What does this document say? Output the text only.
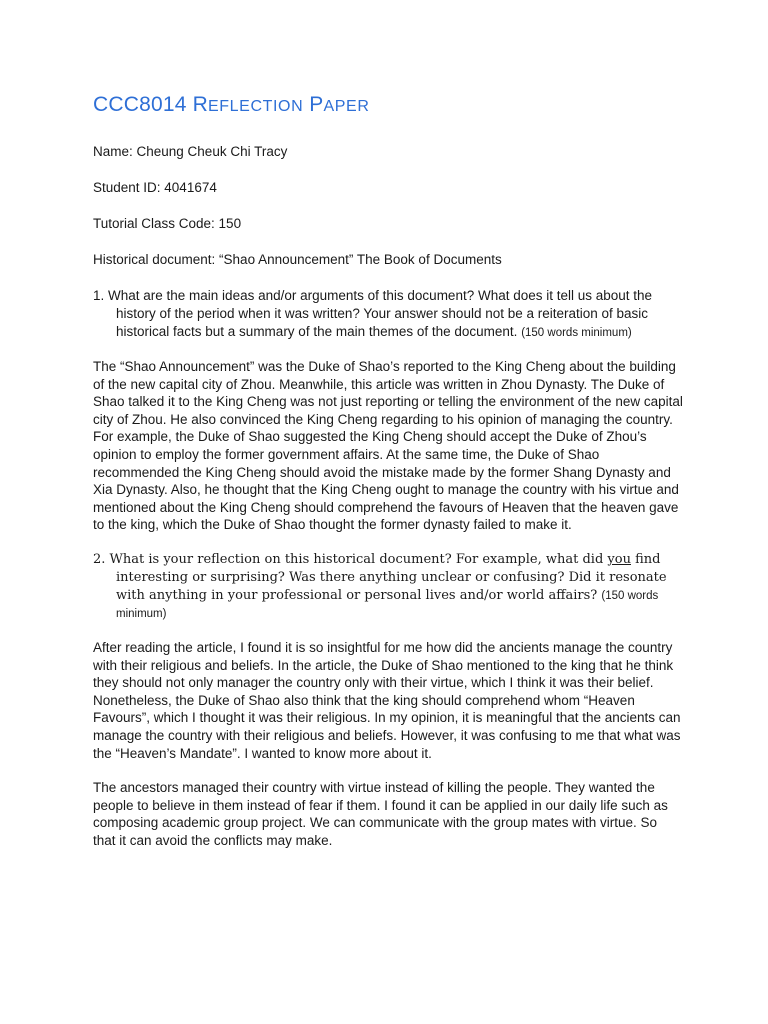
CCC8014 REFLECTION PAPER

Name: Cheung Cheuk Chi Tracy

Student ID: 4041674

Tutorial Class Code: 150

Historical document: “Shao Announcement” The Book of Documents

1. What are the main ideas and/or arguments of this document? What does it tell us about the history of the period when it was written? Your answer should not be a reiteration of basic historical facts but a summary of the main themes of the document. (150 words minimum)

The “Shao Announcement” was the Duke of Shao’s reported to the King Cheng about the building of the new capital city of Zhou. Meanwhile, this article was written in Zhou Dynasty. The Duke of Shao talked it to the King Cheng was not just reporting or telling the environment of the new capital city of Zhou. He also convinced the King Cheng regarding to his opinion of managing the country. For example, the Duke of Shao suggested the King Cheng should accept the Duke of Zhou’s opinion to employ the former government affairs. At the same time, the Duke of Shao recommended the King Cheng should avoid the mistake made by the former Shang Dynasty and Xia Dynasty. Also, he thought that the King Cheng ought to manage the country with his virtue and mentioned about the King Cheng should comprehend the favours of Heaven that the heaven gave to the king, which the Duke of Shao thought the former dynasty failed to make it.

2. What is your reflection on this historical document? For example, what did you find interesting or surprising? Was there anything unclear or confusing? Did it resonate with anything in your professional or personal lives and/or world affairs? (150 words minimum)

After reading the article, I found it is so insightful for me how did the ancients manage the country with their religious and beliefs. In the article, the Duke of Shao mentioned to the king that he think they should not only manager the country only with their virtue, which I think it was their belief. Nonetheless, the Duke of Shao also think that the king should comprehend whom “Heaven Favours”, which I thought it was their religious. In my opinion, it is meaningful that the ancients can manage the country with their religious and beliefs. However, it was confusing to me that what was the “Heaven’s Mandate”. I wanted to know more about it.

The ancestors managed their country with virtue instead of killing the people. They wanted the people to believe in them instead of fear if them. I found it can be applied in our daily life such as composing academic group project. We can communicate with the group mates with virtue. So that it can avoid the conflicts may make.
